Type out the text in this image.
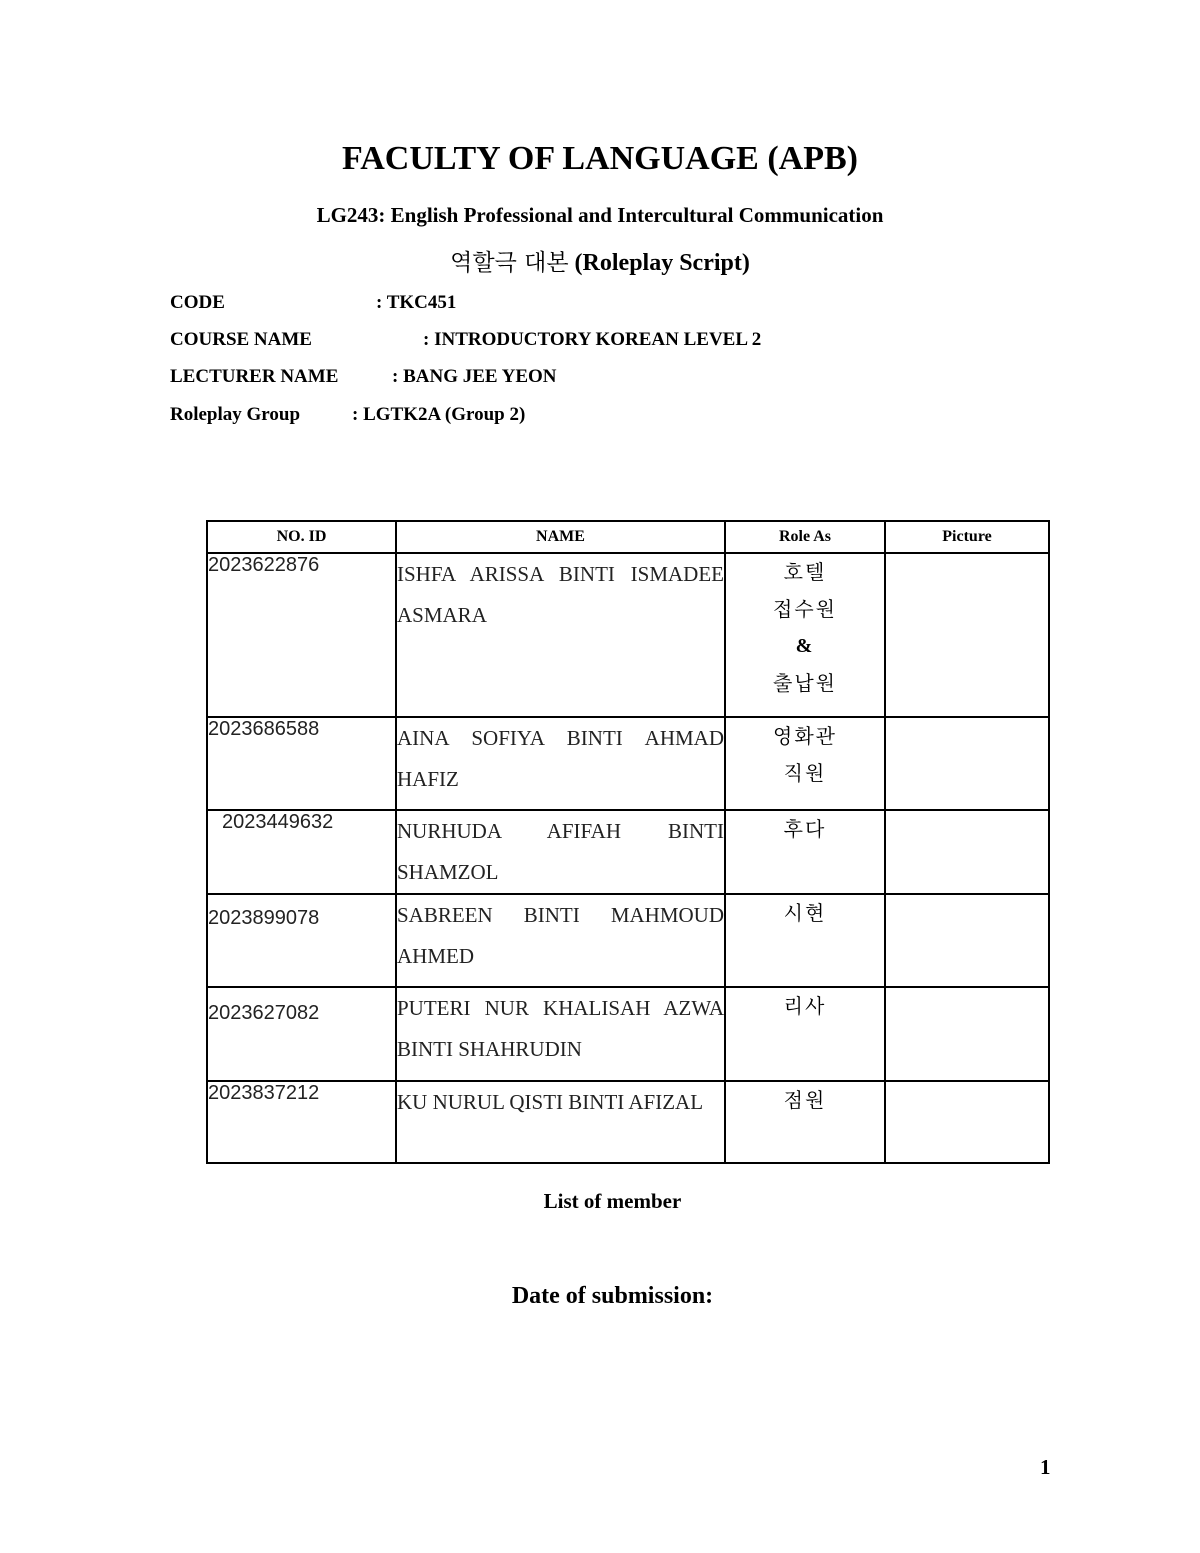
FACULTY OF LANGUAGE (APB)
LG243: English Professional and Intercultural Communication
역할극 대본 (Roleplay Script)
CODE	: TKC451
COURSE NAME	: INTRODUCTORY KOREAN LEVEL 2
LECTURER NAME	: BANG JEE YEON
Roleplay Group	: LGTK2A (Group 2)
NO. ID	NAME	Role As	Picture
2023622876	ISHFA ARISSA BINTI ISMADEE ASMARA	호텔
접수원
&
출납원	

2023686588	AINA SOFIYA BINTI AHMAD HAFIZ	영화관
직원	

2023449632	NURHUDA AFIFAH BINTI SHAMZOL	후다	

2023899078	SABREEN BINTI MAHMOUD AHMED	시현	

2023627082	PUTERI NUR KHALISAH AZWA BINTI SHAHRUDIN	리사	

2023837212	KU NURUL QISTI BINTI AFIZAL	점원	

List of member
Date of submission:
1
